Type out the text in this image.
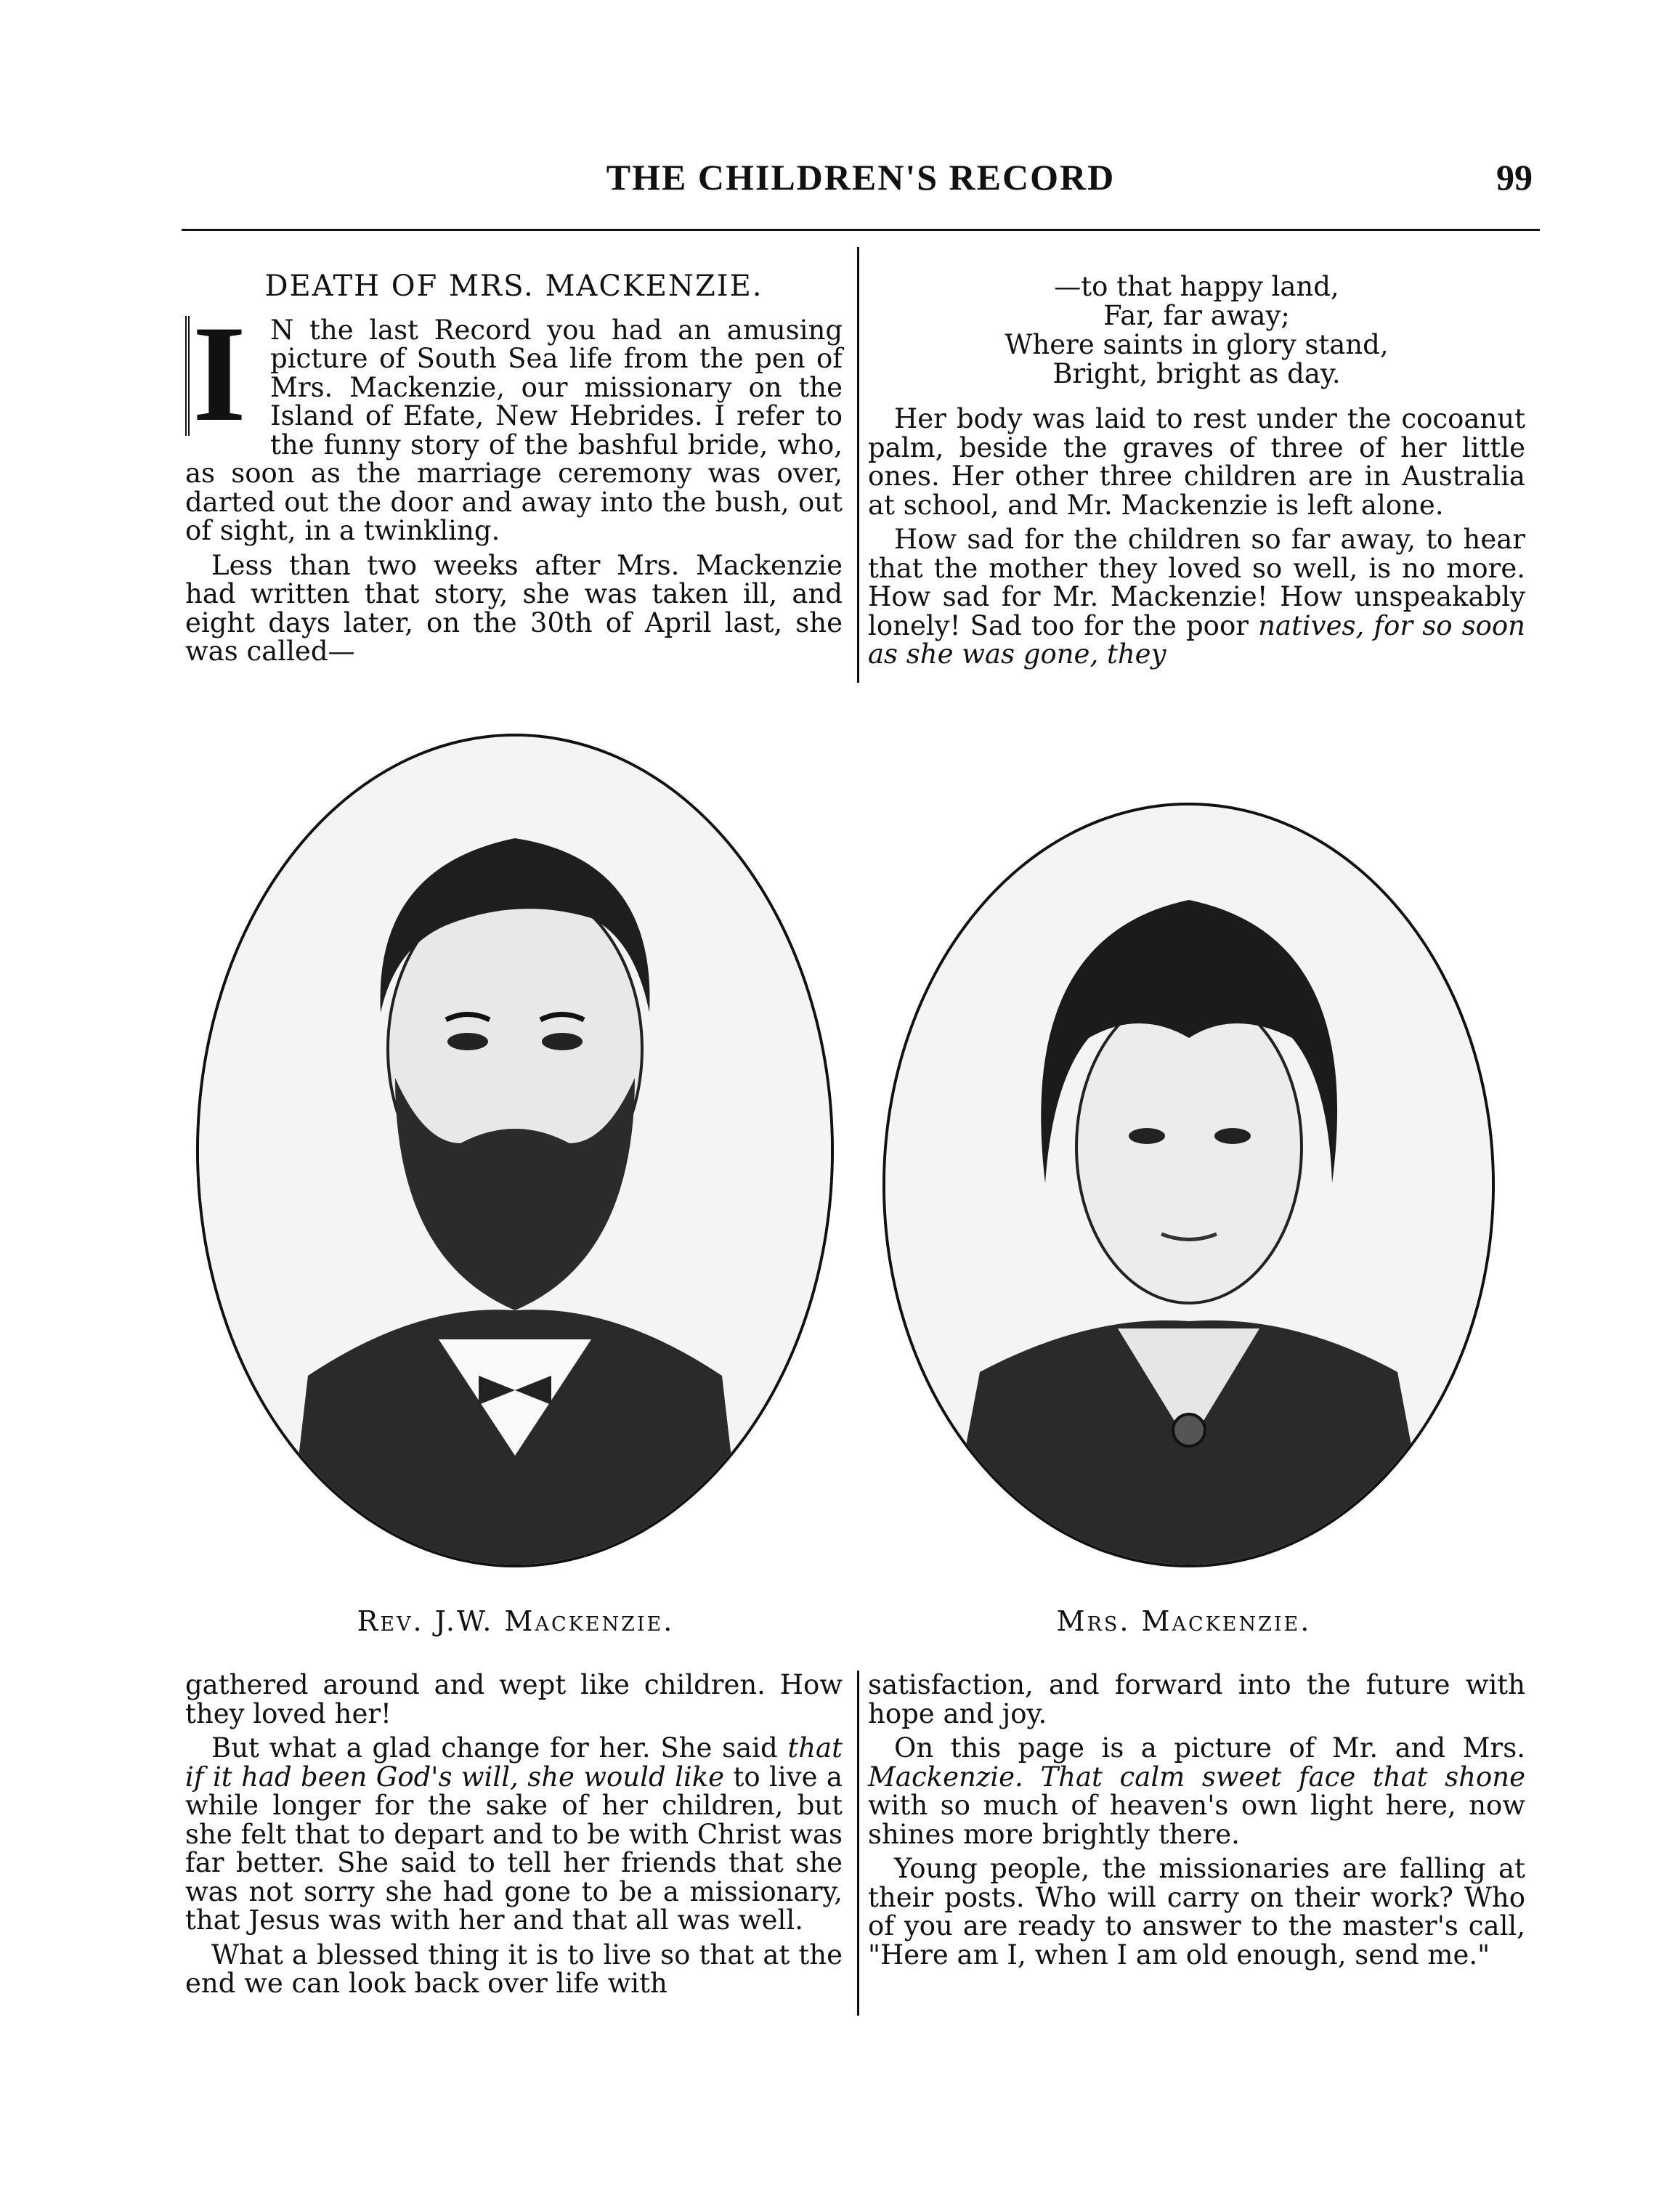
THE CHILDREN'S RECORD	99
DEATH OF MRS. MACKENZIE.

I N the last Record you had an amusing picture of South Sea life from the pen of Mrs. Mackenzie, our missionary on the Island of Efate, New Hebrides. I refer to the funny story of the bashful bride, who, as soon as the marriage ceremony was over, darted out the door and away into the bush, out of sight, in a twinkling.

Less than two weeks after Mrs. Mackenzie had written that story, she was taken ill, and eight days later, on the 30th of April last, she was called—

—to that happy land,
Far, far away;
Where saints in glory stand,
Bright, bright as day.

Her body was laid to rest under the cocoanut palm, beside the graves of three of her little ones. Her other three children are in Australia at school, and Mr. Mackenzie is left alone.

How sad for the children so far away, to hear that the mother they loved so well, is no more. How sad for Mr. Mackenzie! How unspeakably lonely! Sad too for the poor natives, for so soon as she was gone, they

Rev. J.W. Mackenzie.	Mrs. Mackenzie.

gathered around and wept like children. How they loved her!

But what a glad change for her. She said that if it had been God's will, she would like to live a while longer for the sake of her children, but she felt that to depart and to be with Christ was far better. She said to tell her friends that she was not sorry she had gone to be a missionary, that Jesus was with her and that all was well.

What a blessed thing it is to live so that at the end we can look back over life with

satisfaction, and forward into the future with hope and joy.

On this page is a picture of Mr. and Mrs. Mackenzie. That calm sweet face that shone with so much of heaven's own light here, now shines more brightly there.

Young people, the missionaries are falling at their posts. Who will carry on their work? Who of you are ready to answer to the master's call, "Here am I, when I am old enough, send me."
